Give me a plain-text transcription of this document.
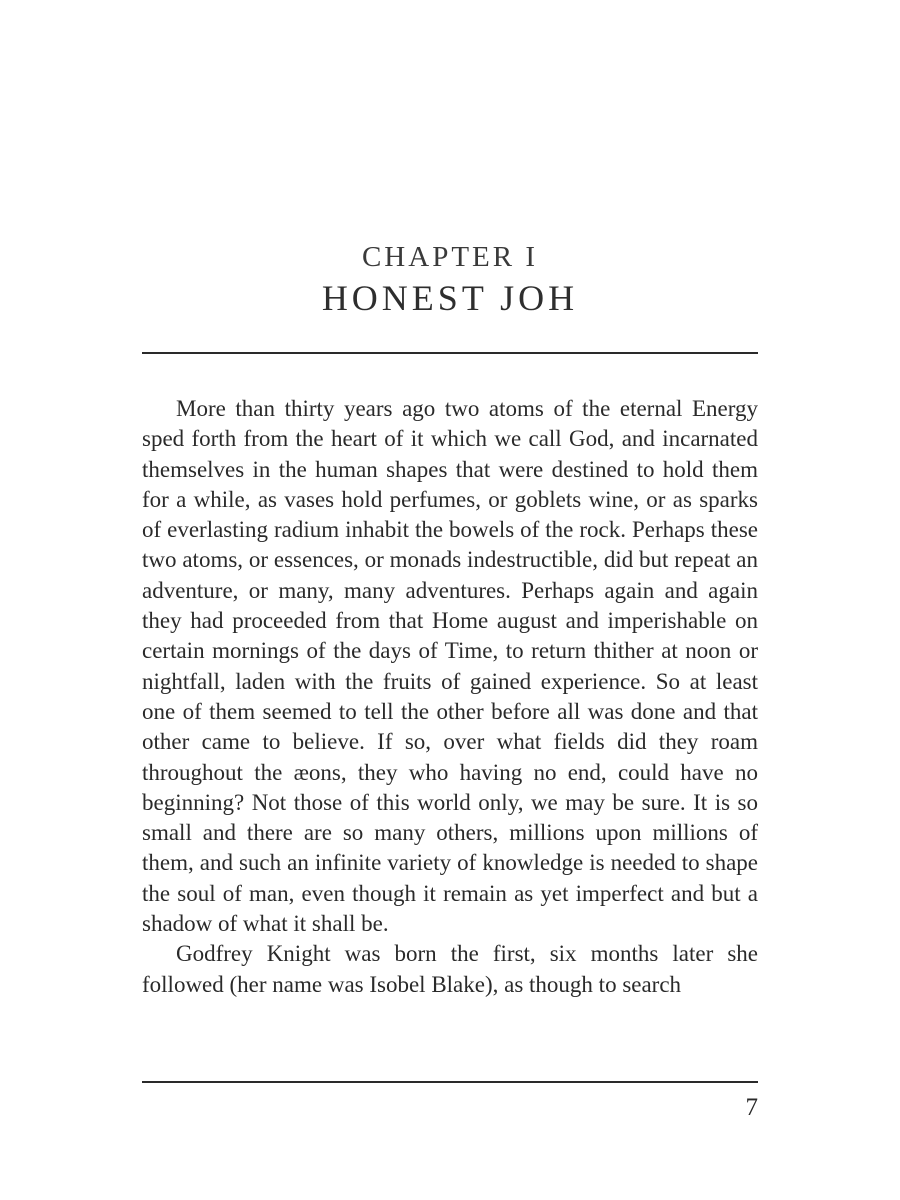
CHAPTER I
HONEST JOH

More than thirty years ago two atoms of the eternal Energy sped forth from the heart of it which we call God, and incarnated themselves in the human shapes that were destined to hold them for a while, as vases hold perfumes, or goblets wine, or as sparks of everlasting radium inhabit the bowels of the rock. Perhaps these two atoms, or essences, or monads indestructible, did but repeat an adventure, or many, many adventures. Perhaps again and again they had proceeded from that Home august and imperishable on certain mornings of the days of Time, to return thither at noon or nightfall, laden with the fruits of gained experience. So at least one of them seemed to tell the other before all was done and that other came to believe. If so, over what fields did they roam throughout the æons, they who having no end, could have no beginning? Not those of this world only, we may be sure. It is so small and there are so many others, millions upon millions of them, and such an infinite variety of knowledge is needed to shape the soul of man, even though it remain as yet imperfect and but a shadow of what it shall be.

Godfrey Knight was born the first, six months later she followed (her name was Isobel Blake), as though to search

7
